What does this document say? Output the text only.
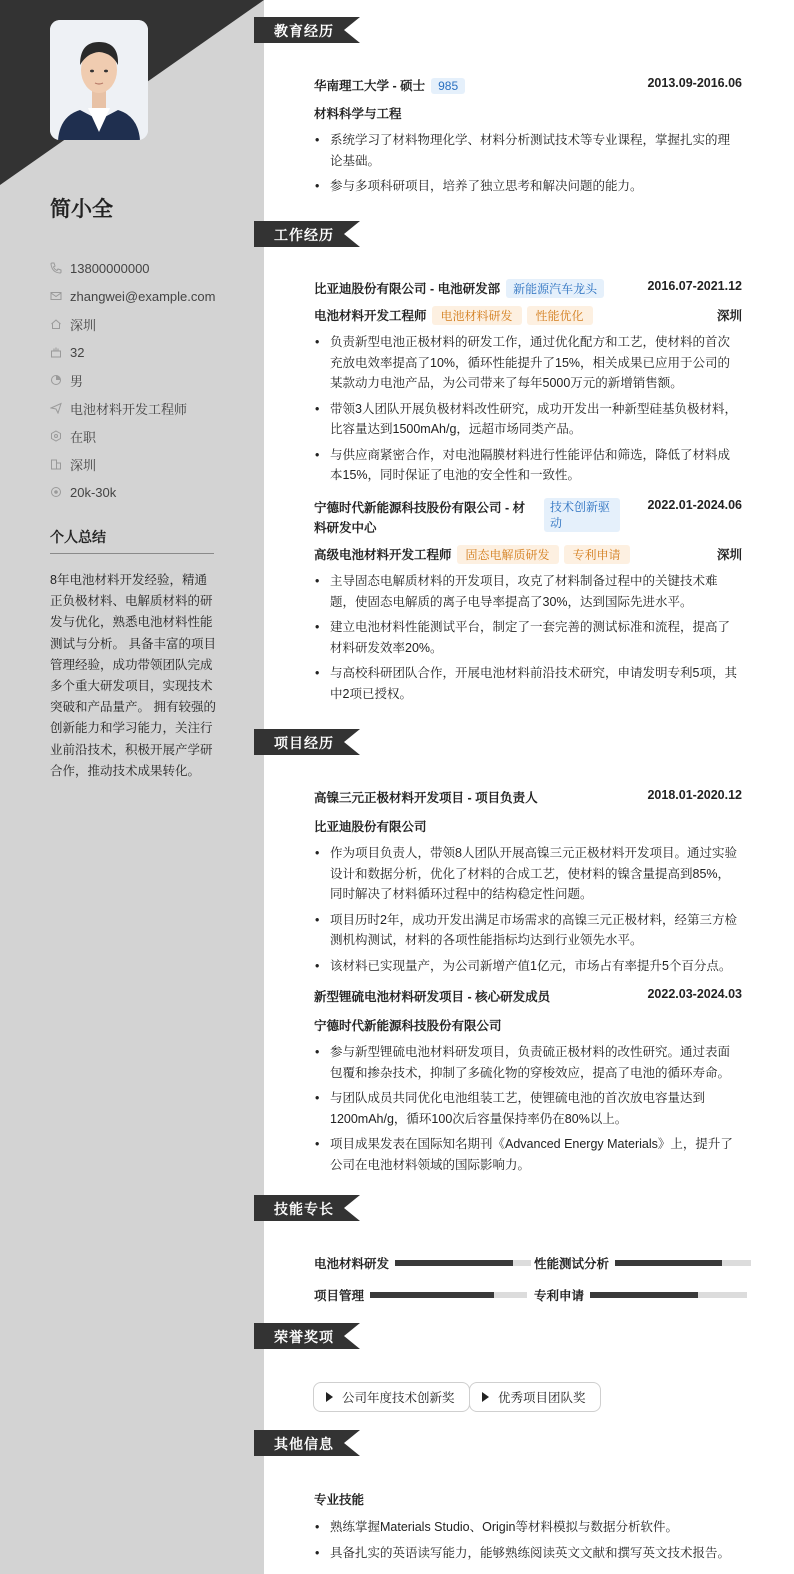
简小全
13800000000
zhangwei@example.com
深圳
32
男
电池材料开发工程师
在职
深圳
20k-30k
个人总结
8年电池材料开发经验，精通正负极材料、电解质材料的研发与优化，熟悉电池材料性能测试与分析。 具备丰富的项目管理经验，成功带领团队完成多个重大研发项目，实现技术突破和产品量产。 拥有较强的创新能力和学习能力，关注行业前沿技术，积极开展产学研合作，推动技术成果转化。
教育经历
华南理工大学 - 硕士 985	2013.09-2016.06
材料科学与工程
• 系统学习了材料物理化学、材料分析测试技术等专业课程，掌握扎实的理论基础。
• 参与多项科研项目，培养了独立思考和解决问题的能力。
工作经历
比亚迪股份有限公司 - 电池研发部 新能源汽车龙头	2016.07-2021.12
电池材料开发工程师 电池材料研发 性能优化	深圳
• 负责新型电池正极材料的研发工作，通过优化配方和工艺，使材料的首次充放电效率提高了10%，循环性能提升了15%，相关成果已应用于公司的某款动力电池产品，为公司带来了每年5000万元的新增销售额。
• 带领3人团队开展负极材料改性研究，成功开发出一种新型硅基负极材料，比容量达到1500mAh/g，远超市场同类产品。
• 与供应商紧密合作，对电池隔膜材料进行性能评估和筛选，降低了材料成本15%，同时保证了电池的安全性和一致性。
宁德时代新能源科技股份有限公司 - 材料研发中心
技术创新驱动
2022.01-2024.06
高级电池材料开发工程师 固态电解质研发 专利申请	深圳
• 主导固态电解质材料的开发项目，攻克了材料制备过程中的关键技术难题，使固态电解质的离子电导率提高了30%，达到国际先进水平。
• 建立电池材料性能测试平台，制定了一套完善的测试标准和流程，提高了材料研发效率20%。
• 与高校科研团队合作，开展电池材料前沿技术研究，申请发明专利5项，其中2项已授权。
项目经历
高镍三元正极材料开发项目 - 项目负责人	2018.01-2020.12
比亚迪股份有限公司
• 作为项目负责人，带领8人团队开展高镍三元正极材料开发项目。通过实验设计和数据分析，优化了材料的合成工艺，使材料的镍含量提高到85%，同时解决了材料循环过程中的结构稳定性问题。
• 项目历时2年，成功开发出满足市场需求的高镍三元正极材料，经第三方检测机构测试，材料的各项性能指标均达到行业领先水平。
• 该材料已实现量产，为公司新增产值1亿元，市场占有率提升5个百分点。
新型锂硫电池材料研发项目 - 核心研发成员	2022.03-2024.03
宁德时代新能源科技股份有限公司
• 参与新型锂硫电池材料研发项目，负责硫正极材料的改性研究。通过表面包覆和掺杂技术，抑制了多硫化物的穿梭效应，提高了电池的循环寿命。
• 与团队成员共同优化电池组装工艺，使锂硫电池的首次放电容量达到1200mAh/g，循环100次后容量保持率仍在80%以上。
• 项目成果发表在国际知名期刊《Advanced Energy Materials》上，提升了公司在电池材料领域的国际影响力。
技能专长
电池材料研发	性能测试分析
项目管理	专利申请
荣誉奖项
公司年度技术创新奖	优秀项目团队奖
其他信息
专业技能
• 熟练掌握Materials Studio、Origin等材料模拟与数据分析软件。
• 具备扎实的英语读写能力，能够熟练阅读英文文献和撰写英文技术报告。
